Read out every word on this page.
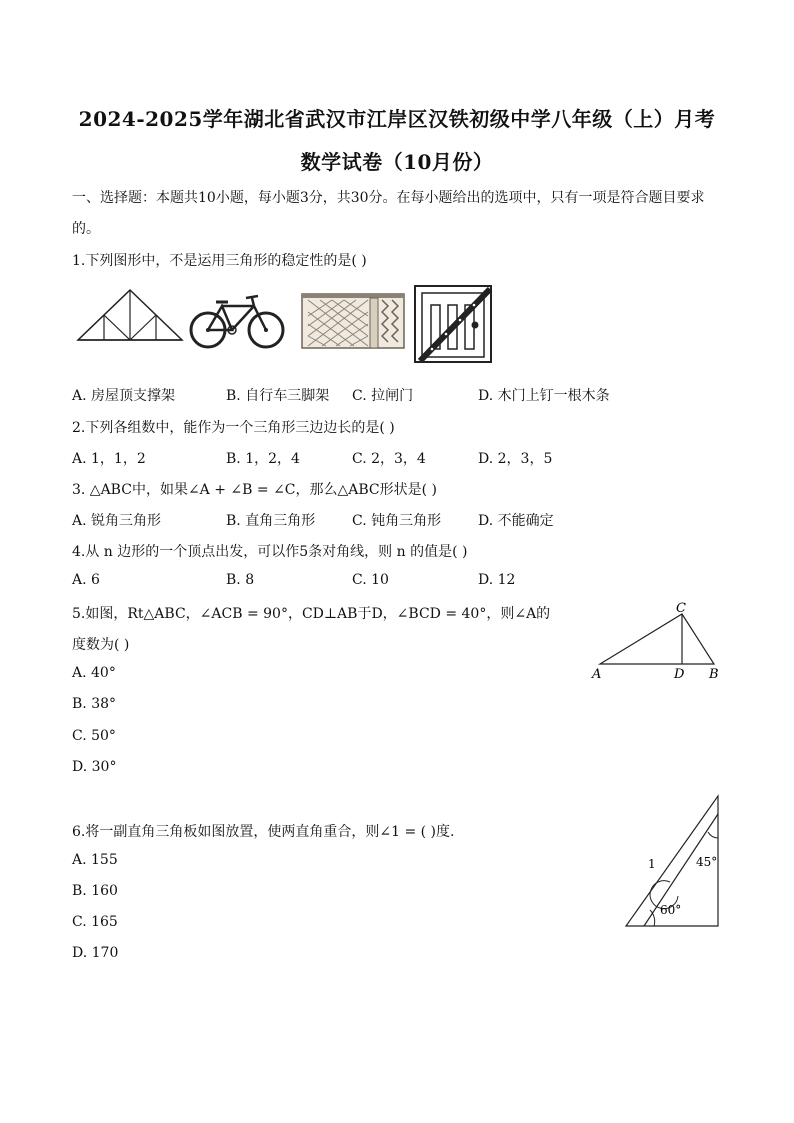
2024-2025学年湖北省武汉市江岸区汉铁初级中学八年级（上）月考
数学试卷（10月份）
一、选择题：本题共10小题，每小题3分，共30分。在每小题给出的选项中，只有一项是符合题目要求
的。
1.下列图形中，不是运用三角形的稳定性的是( )
A. 房屋顶支撑架	B. 自行车三脚架 C. 拉闸门	D. 木门上钉一根木条
2.下列各组数中，能作为一个三角形三边边长的是( )
A. 1，1，2	B. 1，2，4	C. 2，3，4	D. 2，3，5
3. △ABC中，如果∠A + ∠B = ∠C，那么△ABC形状是( )
A. 锐角三角形	B. 直角三角形	C. 钝角三角形	D. 不能确定
4.从 n 边形的一个顶点出发，可以作5条对角线，则 n 的值是( )
A. 6	B. 8	C. 10	D. 12
5.如图，Rt△ABC，∠ACB = 90°，CD⊥AB于D，∠BCD = 40°，则∠A的
度数为( )
A. 40°
B. 38°
C. 50°
D. 30°
A
C
D B
6.将一副直角三角板如图放置，使两直角重合，则∠1 = ( )度.
A. 155
B. 160
C. 165
D. 170
1	45°
60°
